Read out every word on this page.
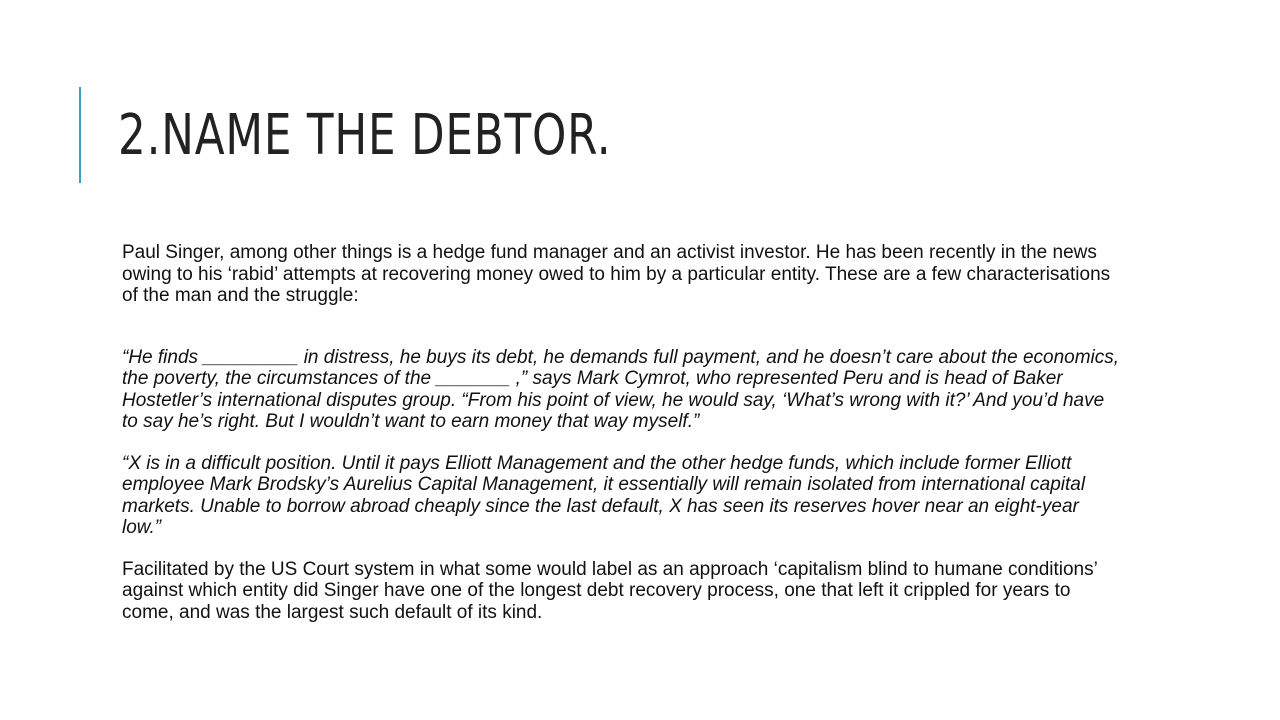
2.NAME THE DEBTOR.

Paul Singer, among other things is a hedge fund manager and an activist investor. He has been recently in the news owing to his ‘rabid’ attempts at recovering money owed to him by a particular entity. These are a few characterisations of the man and the struggle:

“He finds _________ in distress, he buys its debt, he demands full payment, and he doesn’t care about the economics, the poverty, the circumstances of the _______ ,” says Mark Cymrot, who represented Peru and is head of Baker Hostetler’s international disputes group. “From his point of view, he would say, ‘What’s wrong with it?’ And you’d have to say he’s right. But I wouldn’t want to earn money that way myself.”

“X is in a difficult position. Until it pays Elliott Management and the other hedge funds, which include former Elliott employee Mark Brodsky’s Aurelius Capital Management, it essentially will remain isolated from international capital markets. Unable to borrow abroad cheaply since the last default, X has seen its reserves hover near an eight-year low.”

Facilitated by the US Court system in what some would label as an approach ‘capitalism blind to humane conditions’ against which entity did Singer have one of the longest debt recovery process, one that left it crippled for years to come, and was the largest such default of its kind.
